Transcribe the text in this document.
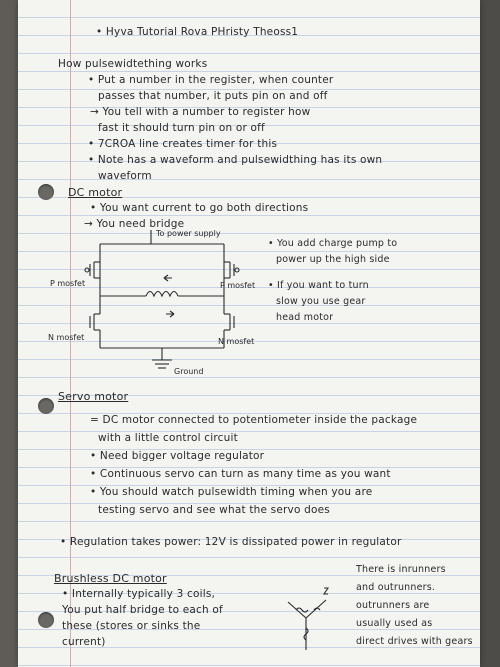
• Hyva Tutorial Rova PHristy Theoss1

How pulsewidtething works

• Put a number in the register, when counter

passes that number, it puts pin on and off

→ You tell with a number to register how

fast it should turn pin on or off

• 7CROA line creates timer for this

• Note has a waveform and pulsewidthing has its own

waveform

DC motor

• You want current to go both directions

→ You need bridge

To power supply
P mosfet	P mosfet
N mosfet	N mosfet
Ground

• You add charge pump to

power up the high side

• If you want to turn

slow you use gear

head motor

Servo motor

= DC motor connected to potentiometer inside the package

with a little control circuit

• Need bigger voltage regulator

• Continuous servo can turn as many time as you want

• You should watch pulsewidth timing when you are

testing servo and see what the servo does

• Regulation takes power: 12V is dissipated power in regulator

Brushless DC motor

• Internally typically 3 coils,

You put half bridge to each of

these (stores or sinks the

current)

There is inrunners

and outrunners.

outrunners are

usually used as

direct drives with gears
